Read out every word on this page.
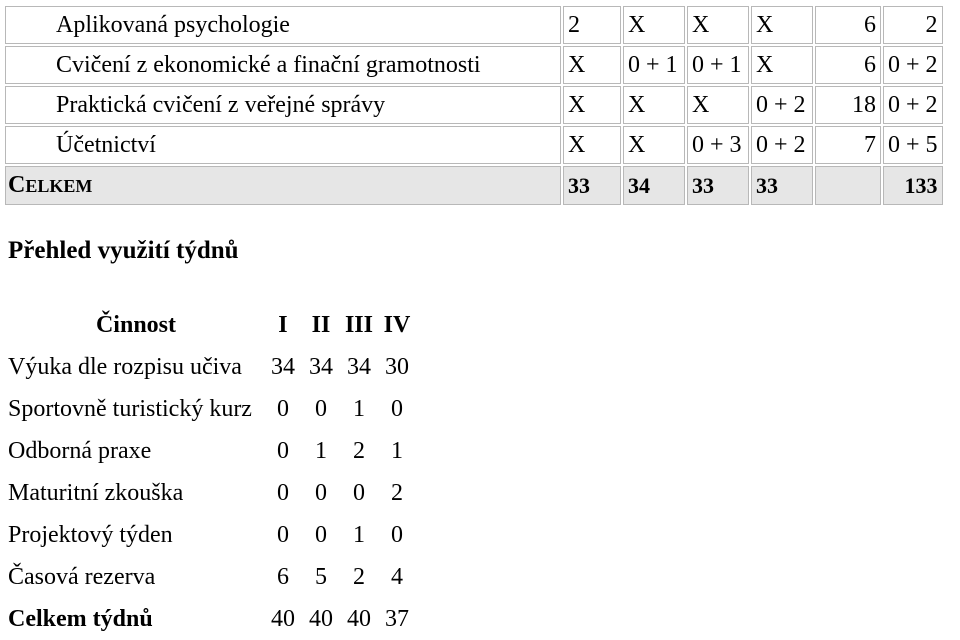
Aplikovaná psychologie	2	X	X	X	6	2
Cvičení z ekonomické a finační gramotnosti	X	0 + 1	0 + 1	X	6	0 + 2
Praktická cvičení z veřejné správy	X	X	X	0 + 2	18	0 + 2
Účetnictví	X	X	0 + 3	0 + 2	7	0 + 5
CELKEM	33	34	33	33		133
Přehled využití týdnů
Činnost	I	II	III	IV
Výuka dle rozpisu učiva	34	34	34	30
Sportovně turistický kurz	0	0	1	0
Odborná praxe	0	1	2	1
Maturitní zkouška	0	0	0	2
Projektový týden	0	0	1	0
Časová rezerva	6	5	2	4
Celkem týdnů	40	40	40	37
